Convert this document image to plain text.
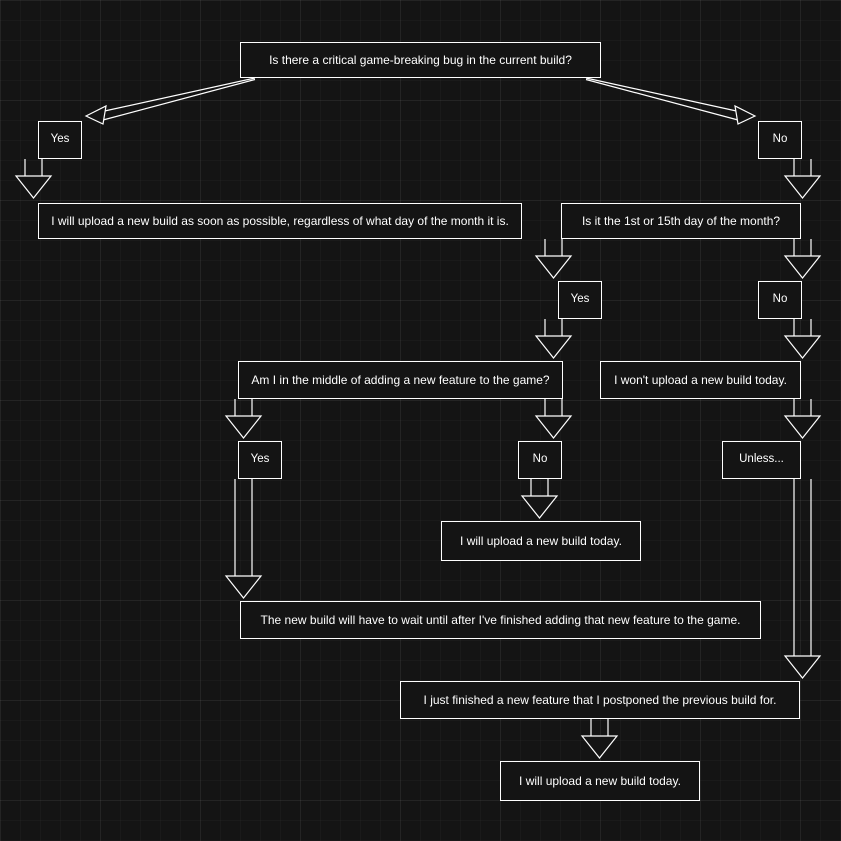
Is there a critical game-breaking bug in the current build?
Yes	No
I will upload a new build as soon as possible, regardless of what day of the month it is.	Is it the 1st or 15th day of the month?
Yes	No
Am I in the middle of adding a new feature to the game?	I won't upload a new build today.
Yes	No	Unless...
I will upload a new build today.
The new build will have to wait until after I've finished adding that new feature to the game.
I just finished a new feature that I postponed the previous build for.
I will upload a new build today.
